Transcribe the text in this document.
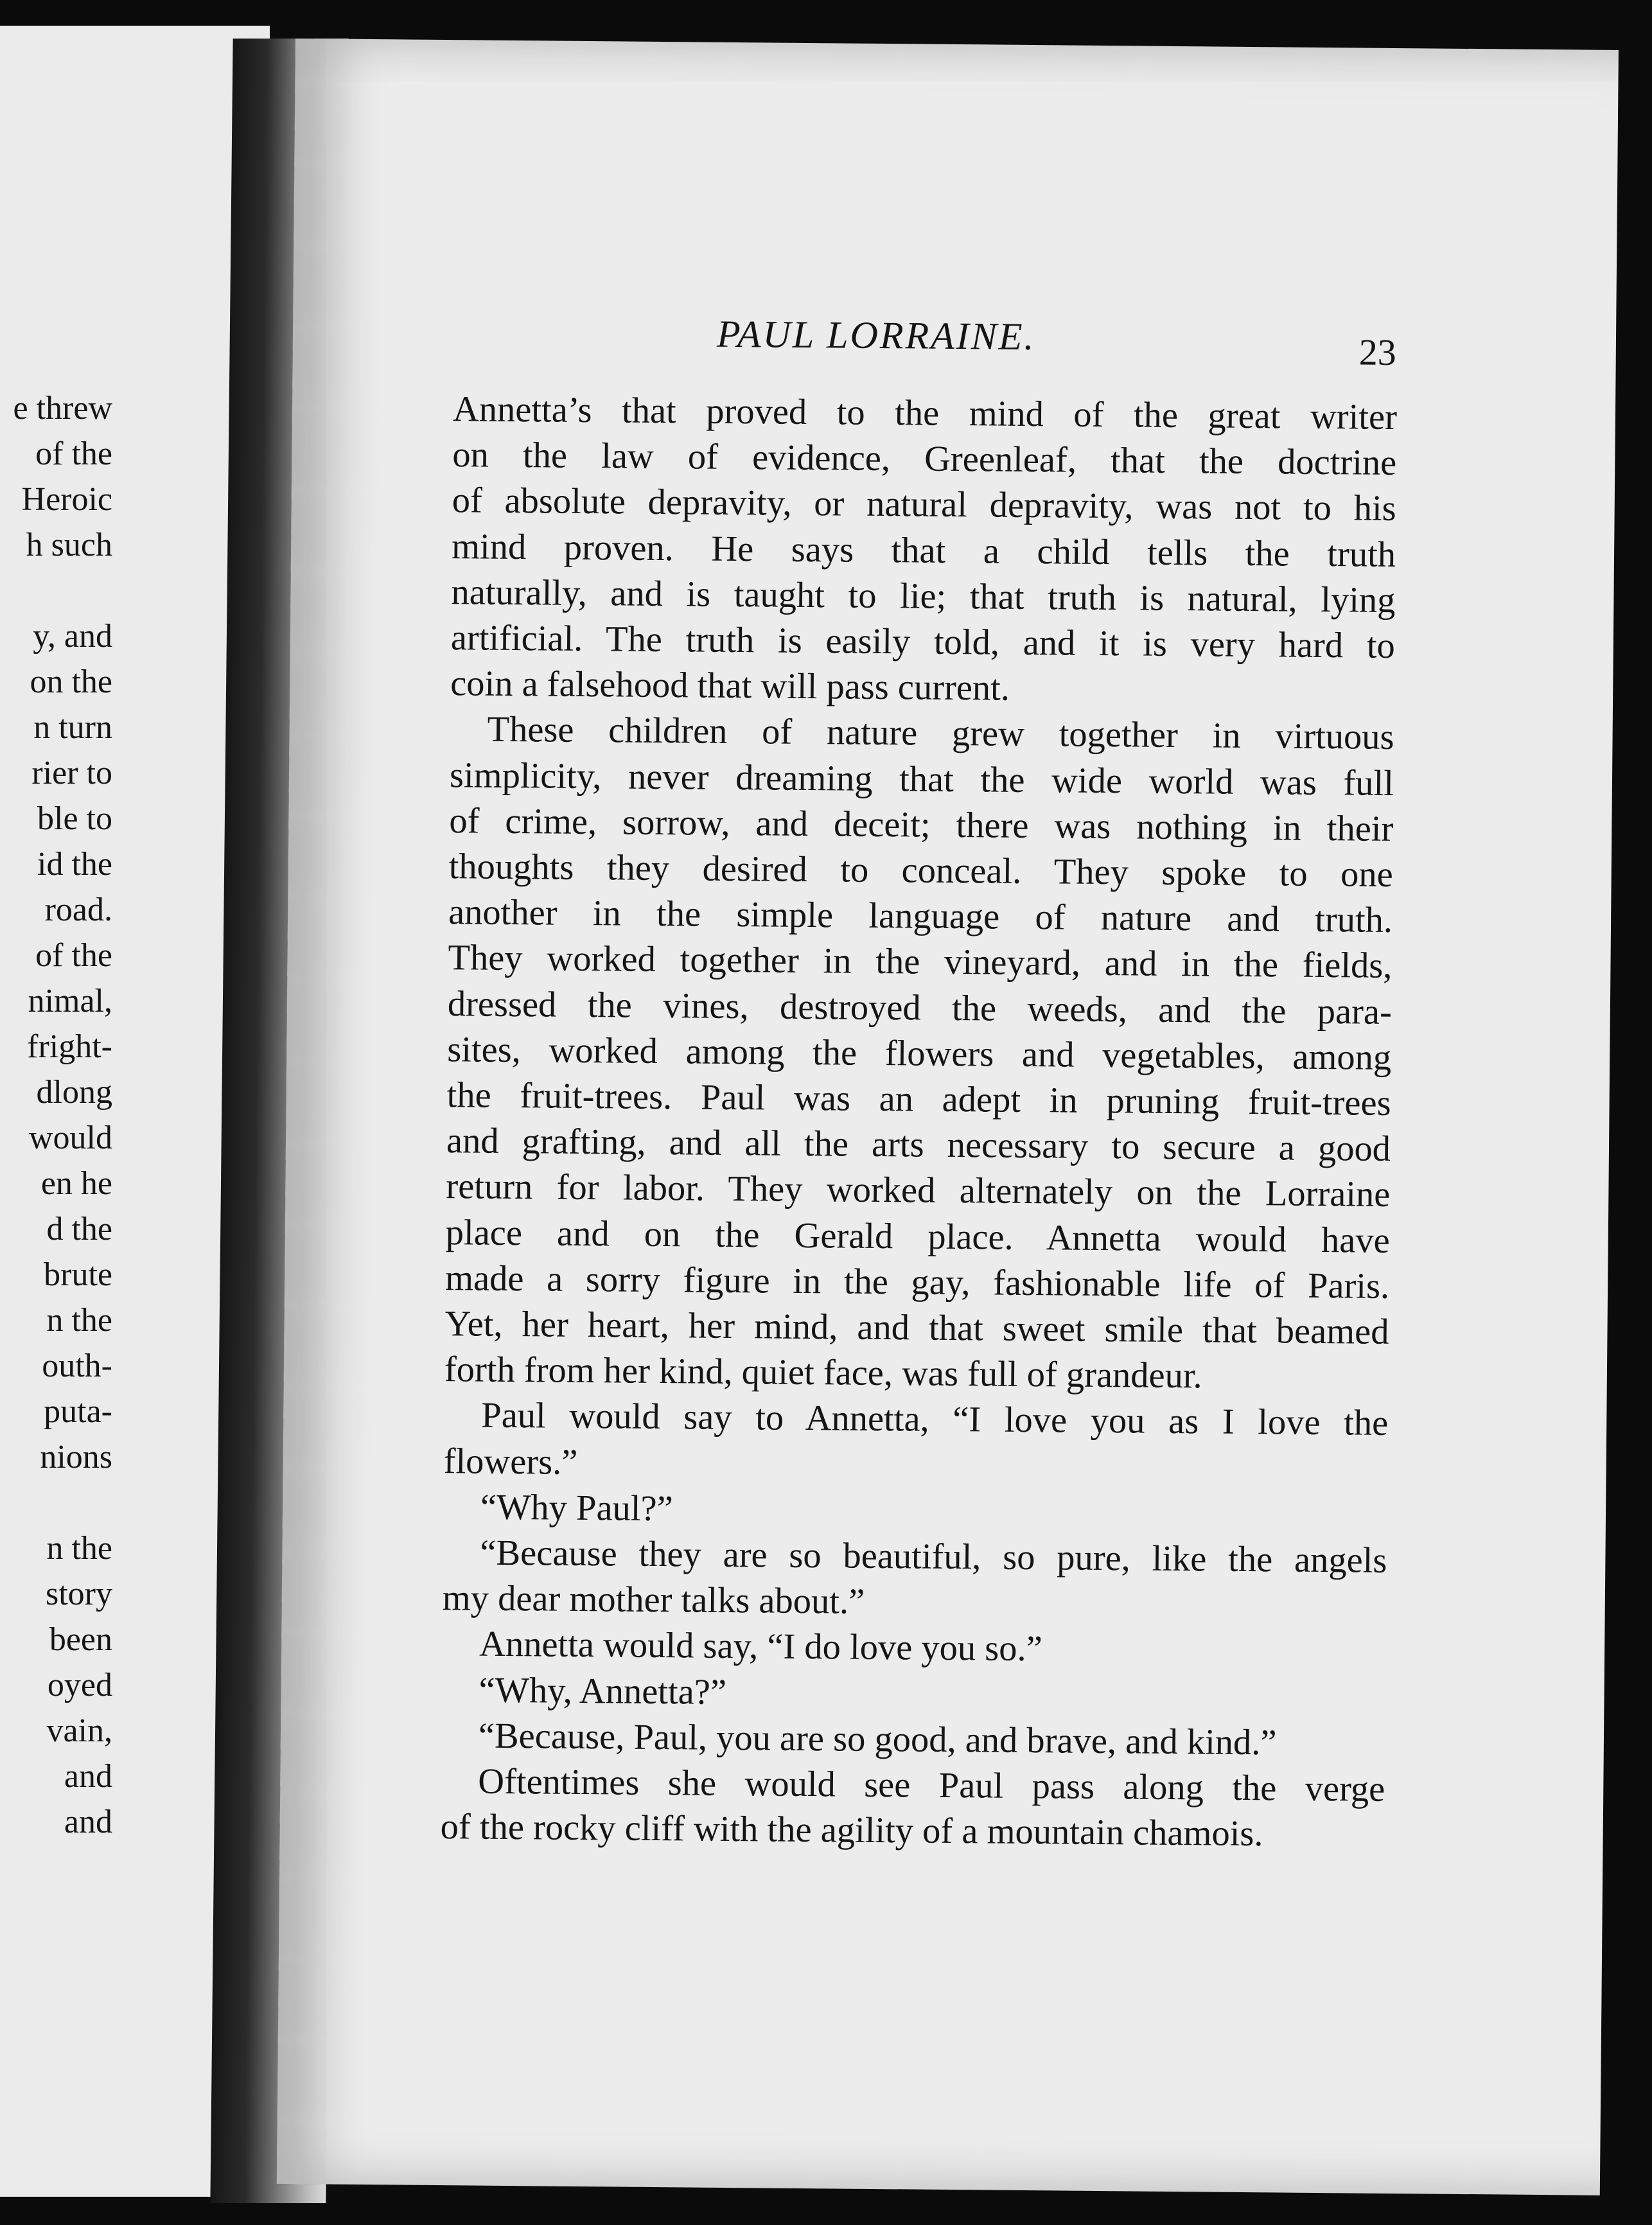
e threw
of the
Heroic
h such

y, and
on the
n turn
rier to
ble to
id the
road.
of the
nimal,
fright-
dlong
would
en he
d the
brute
n the
outh-
puta-
nions

n the
story
been
oyed
vain,
and
and
PAUL LORRAINE.	23

Annetta’s that proved to the mind of the great writer

on the law of evidence, Greenleaf, that the doctrine

of absolute depravity, or natural depravity, was not to his

mind proven. He says that a child tells the truth

naturally, and is taught to lie; that truth is natural, lying

artificial. The truth is easily told, and it is very hard to

coin a falsehood that will pass current.

These children of nature grew together in virtuous

simplicity, never dreaming that the wide world was full

of crime, sorrow, and deceit; there was nothing in their

thoughts they desired to conceal. They spoke to one

another in the simple language of nature and truth.

They worked together in the vineyard, and in the fields,

dressed the vines, destroyed the weeds, and the para-

sites, worked among the flowers and vegetables, among

the fruit-trees. Paul was an adept in pruning fruit-trees

and grafting, and all the arts necessary to secure a good

return for labor. They worked alternately on the Lorraine

place and on the Gerald place. Annetta would have

made a sorry figure in the gay, fashionable life of Paris.

Yet, her heart, her mind, and that sweet smile that beamed

forth from her kind, quiet face, was full of grandeur.

Paul would say to Annetta, “I love you as I love the

flowers.”

“Why Paul?”

“Because they are so beautiful, so pure, like the angels

my dear mother talks about.”

Annetta would say, “I do love you so.”

“Why, Annetta?”

“Because, Paul, you are so good, and brave, and kind.”

Oftentimes she would see Paul pass along the verge

of the rocky cliff with the agility of a mountain chamois.
